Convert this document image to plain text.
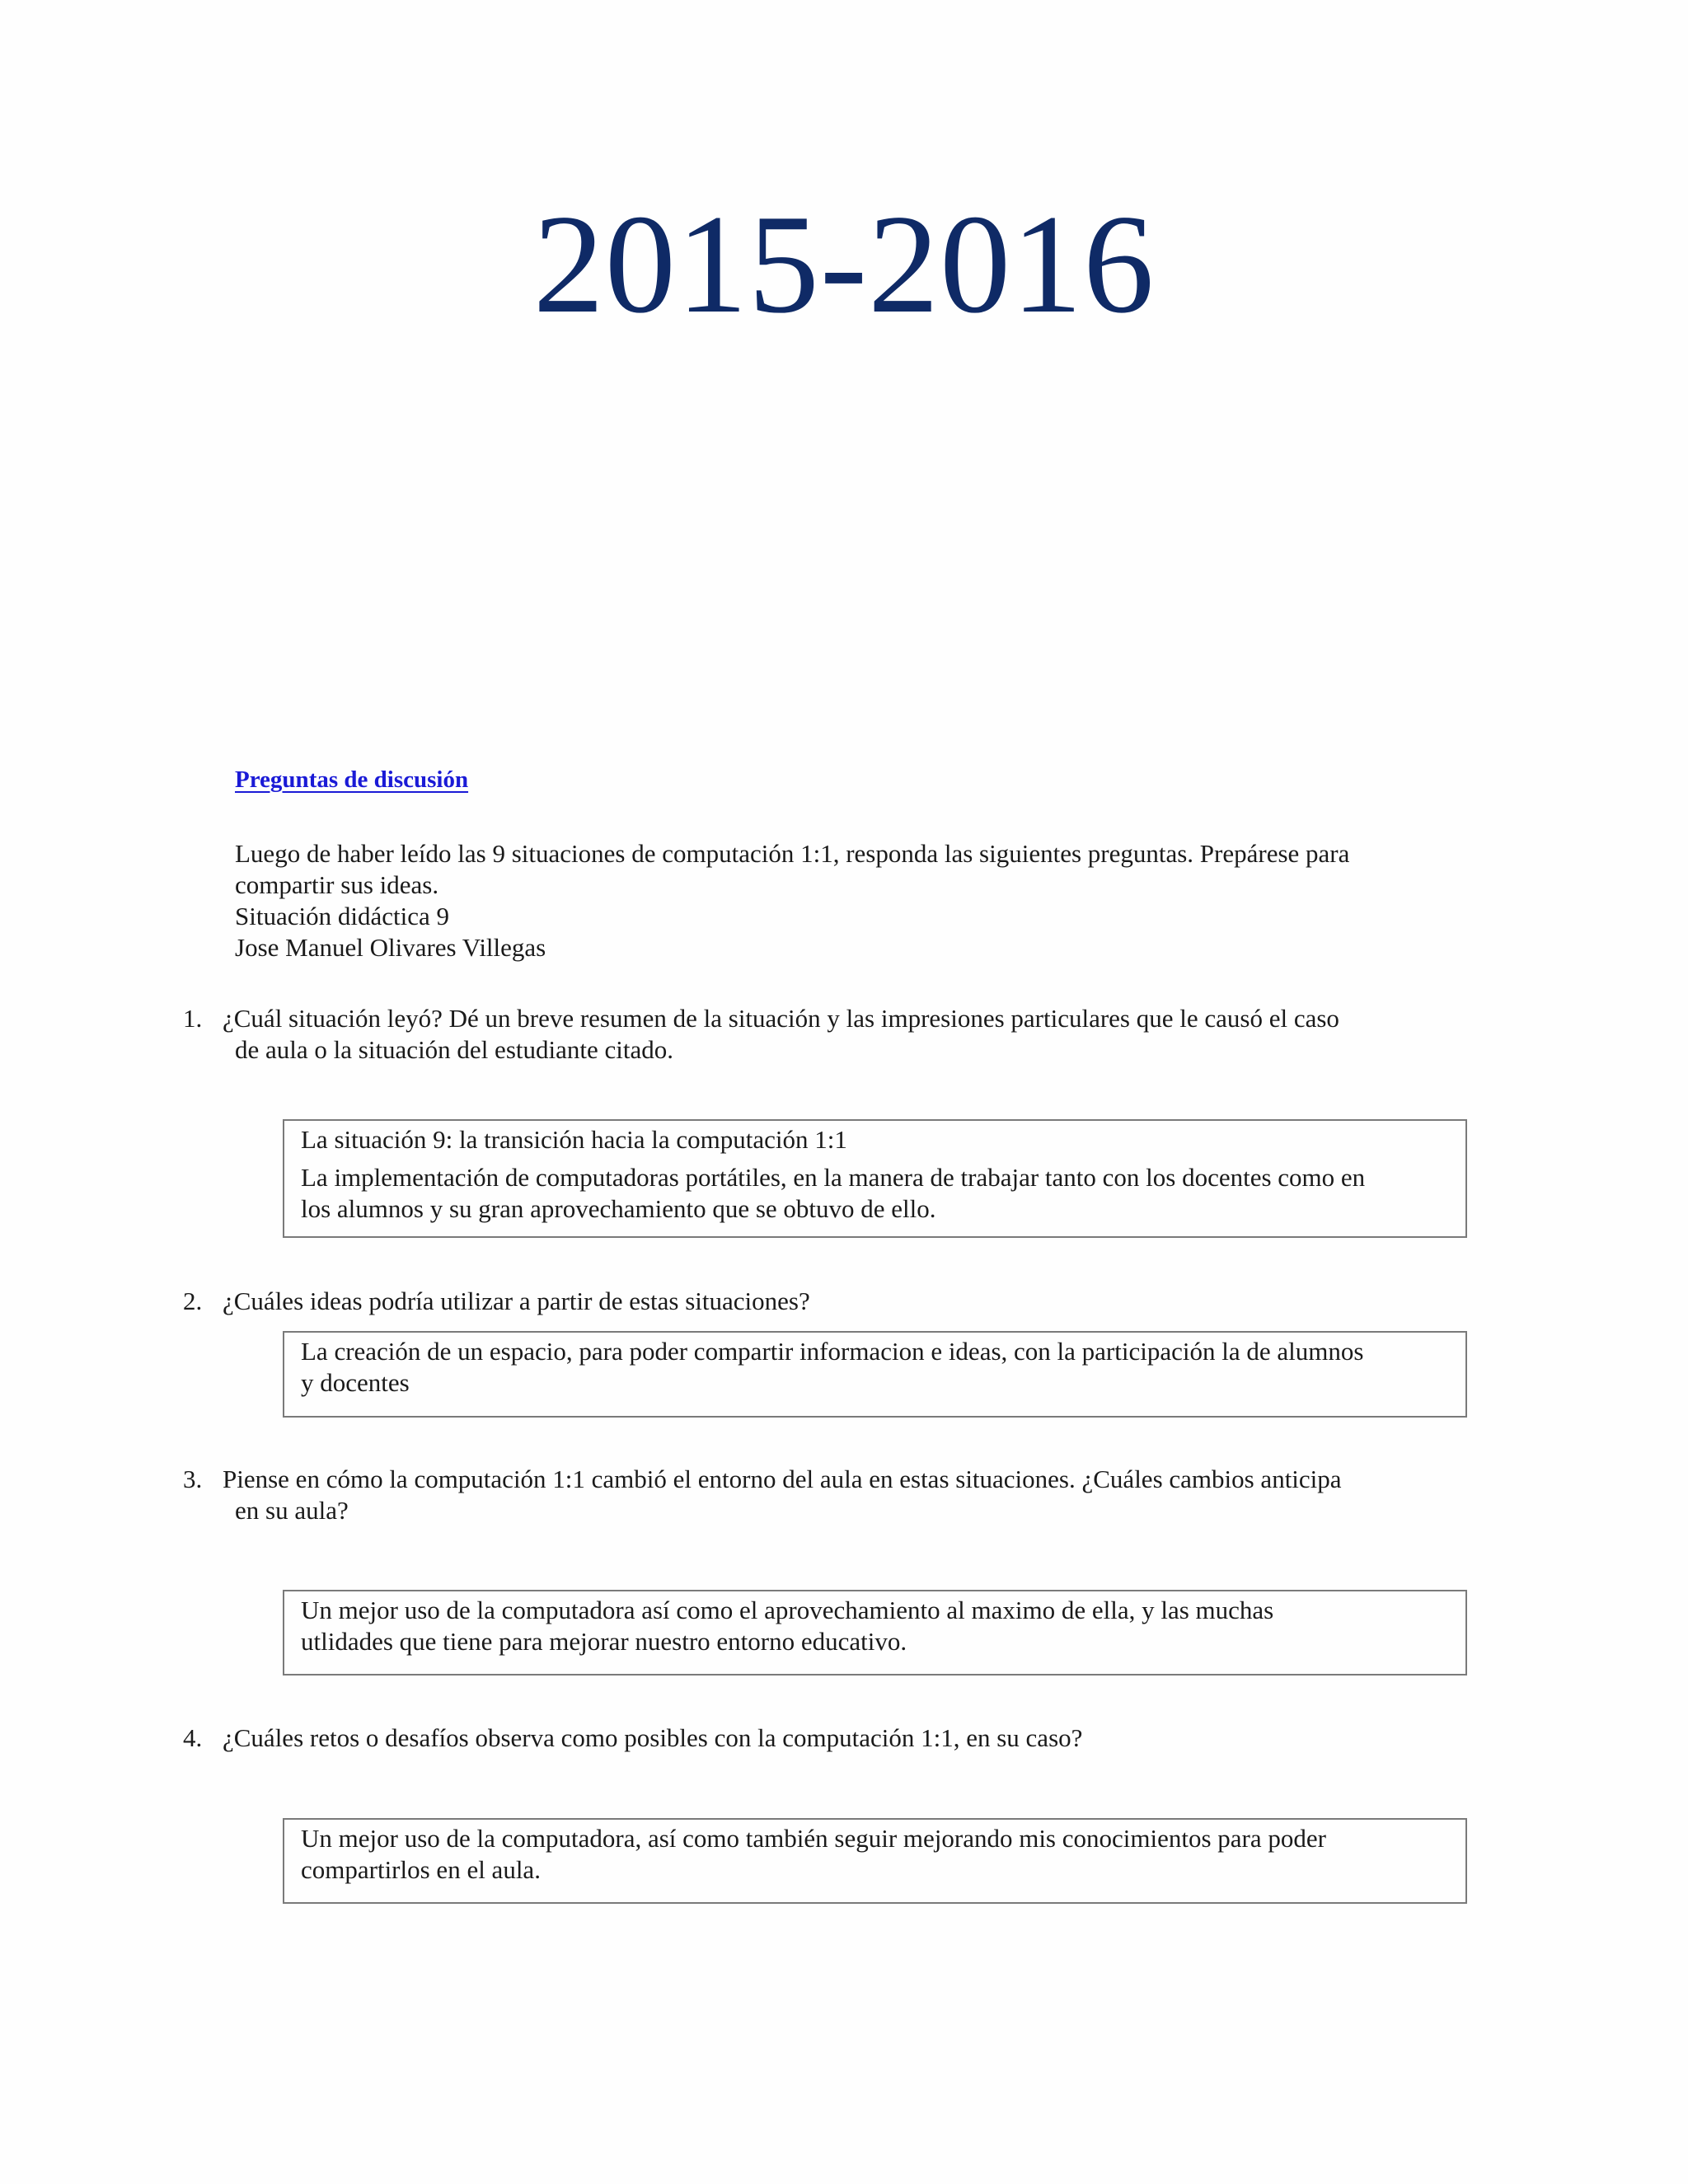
2015-2016
Preguntas de discusión
Luego de haber leído las 9 situaciones de computación 1:1, responda las siguientes preguntas. Prepárese para
compartir sus ideas.
Situación didáctica 9
Jose Manuel Olivares Villegas
1. ¿Cuál situación leyó? Dé un breve resumen de la situación y las impresiones particulares que le causó el caso
de aula o la situación del estudiante citado.
La situación 9: la transición hacia la computación 1:1
La implementación de computadoras portátiles, en la manera de trabajar tanto con los docentes como en
los alumnos y su gran aprovechamiento que se obtuvo de ello.
2. ¿Cuáles ideas podría utilizar a partir de estas situaciones?
La creación de un espacio, para poder compartir informacion e ideas, con la participación la de alumnos
y docentes
3. Piense en cómo la computación 1:1 cambió el entorno del aula en estas situaciones. ¿Cuáles cambios anticipa
en su aula?
Un mejor uso de la computadora así como el aprovechamiento al maximo de ella, y las muchas
utlidades que tiene para mejorar nuestro entorno educativo.
4. ¿Cuáles retos o desafíos observa como posibles con la computación 1:1, en su caso?
Un mejor uso de la computadora, así como también seguir mejorando mis conocimientos para poder
compartirlos en el aula.
